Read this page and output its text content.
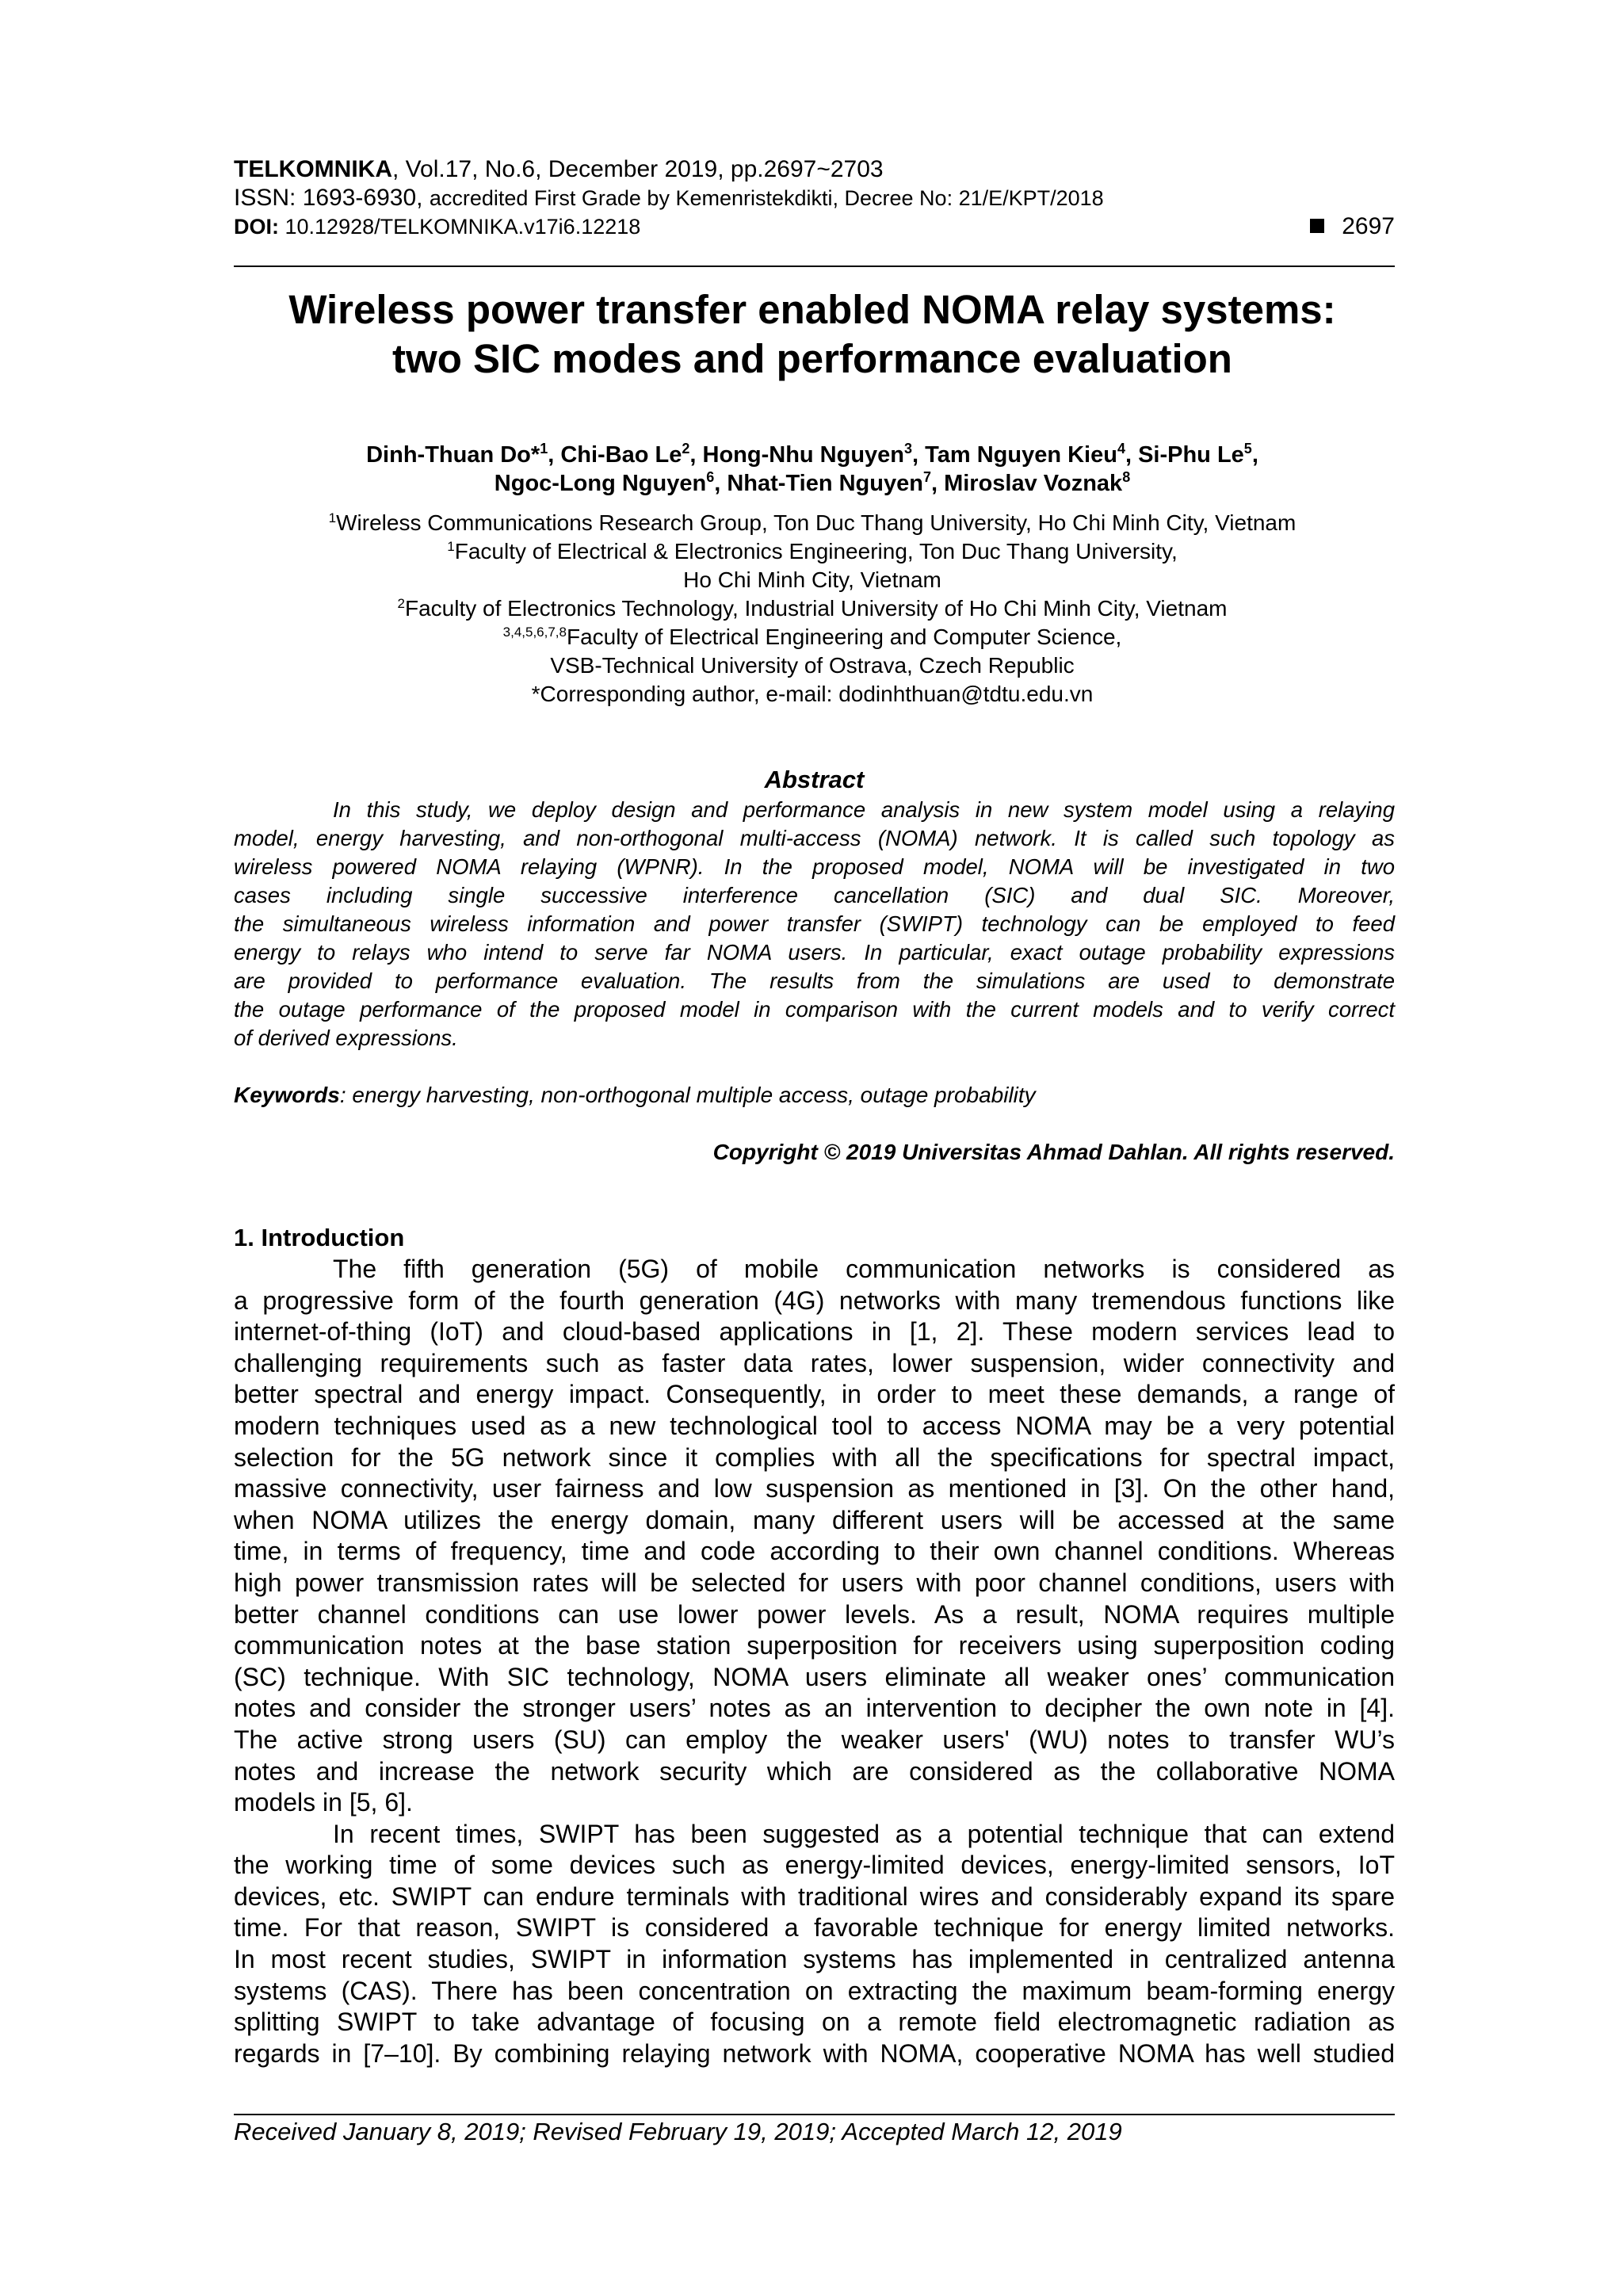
TELKOMNIKA, Vol.17, No.6, December 2019, pp.2697~2703
ISSN: 1693-6930, accredited First Grade by Kemenristekdikti, Decree No: 21/E/KPT/2018
DOI: 10.12928/TELKOMNIKA.v17i6.12218	2697
Wireless power transfer enabled NOMA relay systems:
two SIC modes and performance evaluation
Dinh-Thuan Do*$^1$, Chi-Bao Le$^2$, Hong-Nhu Nguyen$^3$, Tam Nguyen Kieu$^4$, Si-Phu Le$^5$,
Ngoc-Long Nguyen$^6$, Nhat-Tien Nguyen$^7$, Miroslav Voznak$^8$
$^1$Wireless Communications Research Group, Ton Duc Thang University, Ho Chi Minh City, Vietnam
$^1$Faculty of Electrical & Electronics Engineering, Ton Duc Thang University,
Ho Chi Minh City, Vietnam
$^2$Faculty of Electronics Technology, Industrial University of Ho Chi Minh City, Vietnam
$^{3,4,5,6,7,8}$Faculty of Electrical Engineering and Computer Science,
VSB-Technical University of Ostrava, Czech Republic
*Corresponding author, e-mail: dodinhthuan@tdtu.edu.vn
Abstract
In this study, we deploy design and performance analysis in new system model using a relaying
model, energy harvesting, and non-orthogonal multi-access (NOMA) network. It is called such topology as
wireless powered NOMA relaying (WPNR). In the proposed model, NOMA will be investigated in two
cases including single successive interference cancellation (SIC) and dual SIC. Moreover,
the simultaneous wireless information and power transfer (SWIPT) technology can be employed to feed
energy to relays who intend to serve far NOMA users. In particular, exact outage probability expressions
are provided to performance evaluation. The results from the simulations are used to demonstrate
the outage performance of the proposed model in comparison with the current models and to verify correct
of derived expressions.
Keywords: energy harvesting, non-orthogonal multiple access, outage probability
Copyright © 2019 Universitas Ahmad Dahlan. All rights reserved.
1. Introduction
The fifth generation (5G) of mobile communication networks is considered as
a progressive form of the fourth generation (4G) networks with many tremendous functions like
internet-of-thing (IoT) and cloud-based applications in [1, 2]. These modern services lead to
challenging requirements such as faster data rates, lower suspension, wider connectivity and
better spectral and energy impact. Consequently, in order to meet these demands, a range of
modern techniques used as a new technological tool to access NOMA may be a very potential
selection for the 5G network since it complies with all the specifications for spectral impact,
massive connectivity, user fairness and low suspension as mentioned in [3]. On the other hand,
when NOMA utilizes the energy domain, many different users will be accessed at the same
time, in terms of frequency, time and code according to their own channel conditions. Whereas
high power transmission rates will be selected for users with poor channel conditions, users with
better channel conditions can use lower power levels. As a result, NOMA requires multiple
communication notes at the base station superposition for receivers using superposition coding
(SC) technique. With SIC technology, NOMA users eliminate all weaker ones’ communication
notes and consider the stronger users’ notes as an intervention to decipher the own note in [4].
The active strong users (SU) can employ the weaker users' (WU) notes to transfer WU’s
notes and increase the network security which are considered as the collaborative NOMA
models in [5, 6].
In recent times, SWIPT has been suggested as a potential technique that can extend
the working time of some devices such as energy-limited devices, energy-limited sensors, IoT
devices, etc. SWIPT can endure terminals with traditional wires and considerably expand its spare
time. For that reason, SWIPT is considered a favorable technique for energy limited networks.
In most recent studies, SWIPT in information systems has implemented in centralized antenna
systems (CAS). There has been concentration on extracting the maximum beam-forming energy
splitting SWIPT to take advantage of focusing on a remote field electromagnetic radiation as
regards in [7–10]. By combining relaying network with NOMA, cooperative NOMA has well studied
Received January 8, 2019; Revised February 19, 2019; Accepted March 12, 2019
